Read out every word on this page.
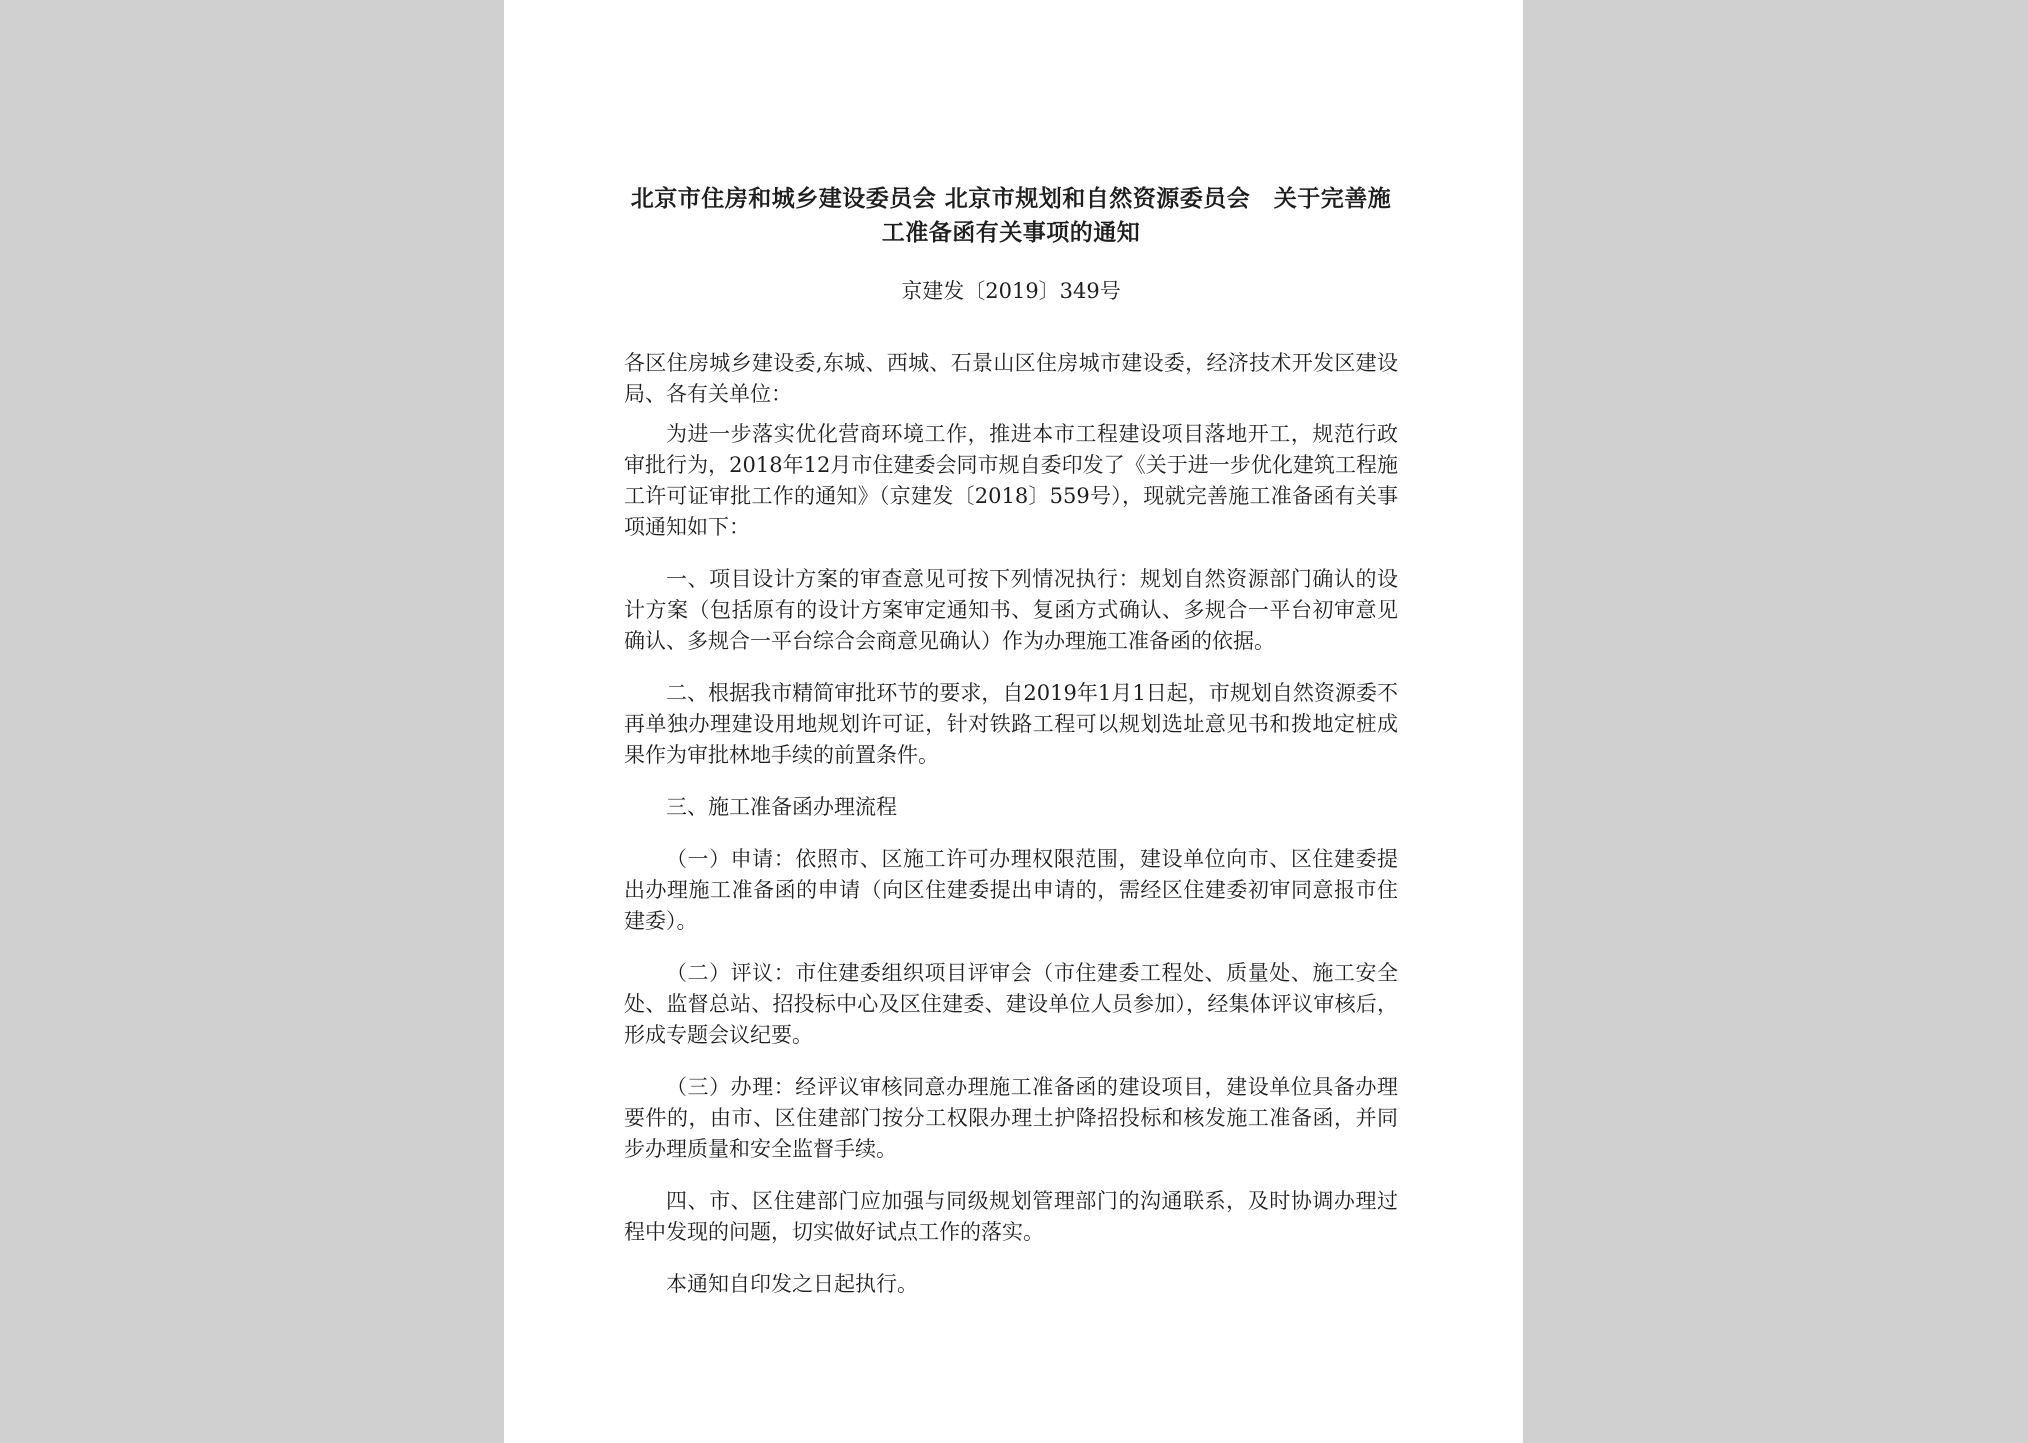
北京市住房和城乡建设委员会 北京市规划和自然资源委员会　关于完善施工准备函有关事项的通知
京建发〔2019〕349号
各区住房城乡建设委,东城、西城、石景山区住房城市建设委，经济技术开发区建设局、各有关单位：

为进一步落实优化营商环境工作，推进本市工程建设项目落地开工，规范行政审批行为，2018年12月市住建委会同市规自委印发了《关于进一步优化建筑工程施工许可证审批工作的通知》（京建发〔2018〕559号），现就完善施工准备函有关事项通知如下：

一、项目设计方案的审查意见可按下列情况执行：规划自然资源部门确认的设计方案（包括原有的设计方案审定通知书、复函方式确认、多规合一平台初审意见确认、多规合一平台综合会商意见确认）作为办理施工准备函的依据。

二、根据我市精简审批环节的要求，自2019年1月1日起，市规划自然资源委不再单独办理建设用地规划许可证，针对铁路工程可以规划选址意见书和拨地定桩成果作为审批林地手续的前置条件。

三、施工准备函办理流程

（一）申请：依照市、区施工许可办理权限范围，建设单位向市、区住建委提出办理施工准备函的申请（向区住建委提出申请的，需经区住建委初审同意报市住建委）。

（二）评议：市住建委组织项目评审会（市住建委工程处、质量处、施工安全处、监督总站、招投标中心及区住建委、建设单位人员参加），经集体评议审核后，形成专题会议纪要。

（三）办理：经评议审核同意办理施工准备函的建设项目，建设单位具备办理要件的，由市、区住建部门按分工权限办理土护降招投标和核发施工准备函，并同步办理质量和安全监督手续。

四、市、区住建部门应加强与同级规划管理部门的沟通联系，及时协调办理过程中发现的问题，切实做好试点工作的落实。

本通知自印发之日起执行。
